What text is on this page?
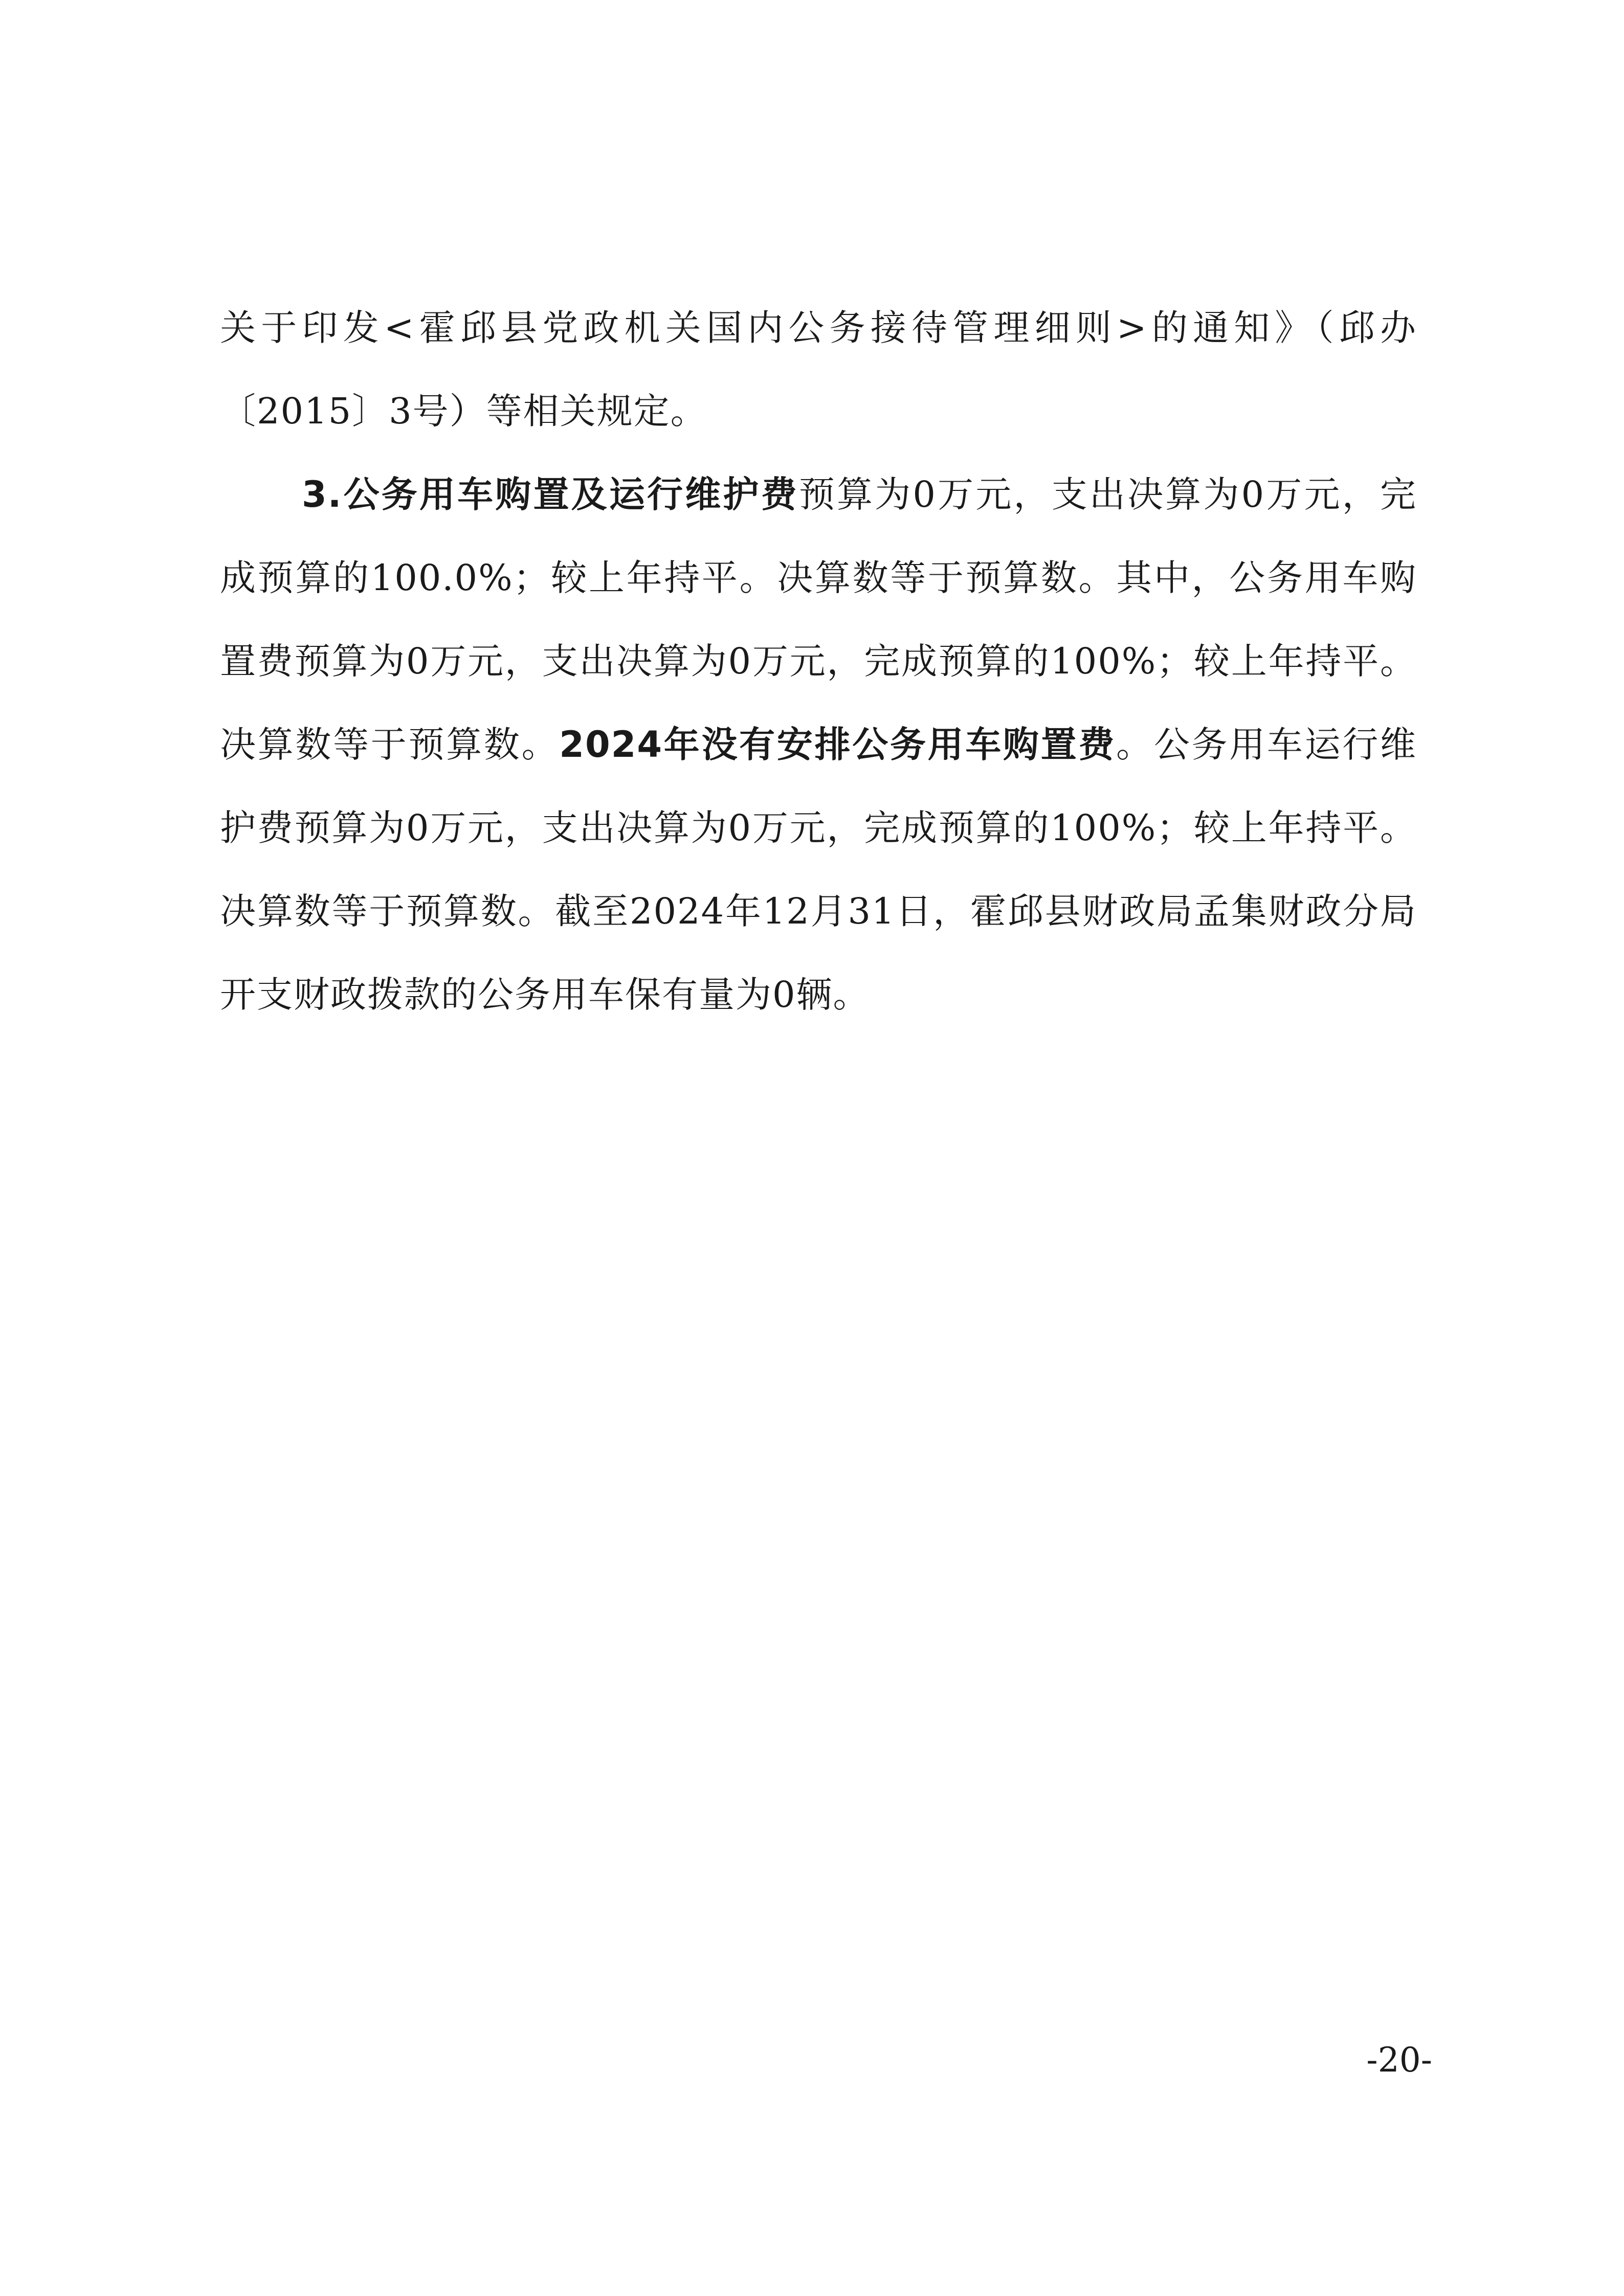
关于印发<霍邱县党政机关国内公务接待管理细则>的通知》（邱办〔2015〕3号）等相关规定。

3.公务用车购置及运行维护费预算为0万元，支出决算为0万元，完成预算的100.0%；较上年持平。决算数等于预算数。其中，公务用车购置费预算为0万元，支出决算为0万元，完成预算的100%；较上年持平。决算数等于预算数。2024年没有安排公务用车购置费。公务用车运行维护费预算为0万元，支出决算为0万元，完成预算的100%；较上年持平。决算数等于预算数。截至2024年12月31日，霍邱县财政局孟集财政分局开支财政拨款的公务用车保有量为0辆。

-20-
